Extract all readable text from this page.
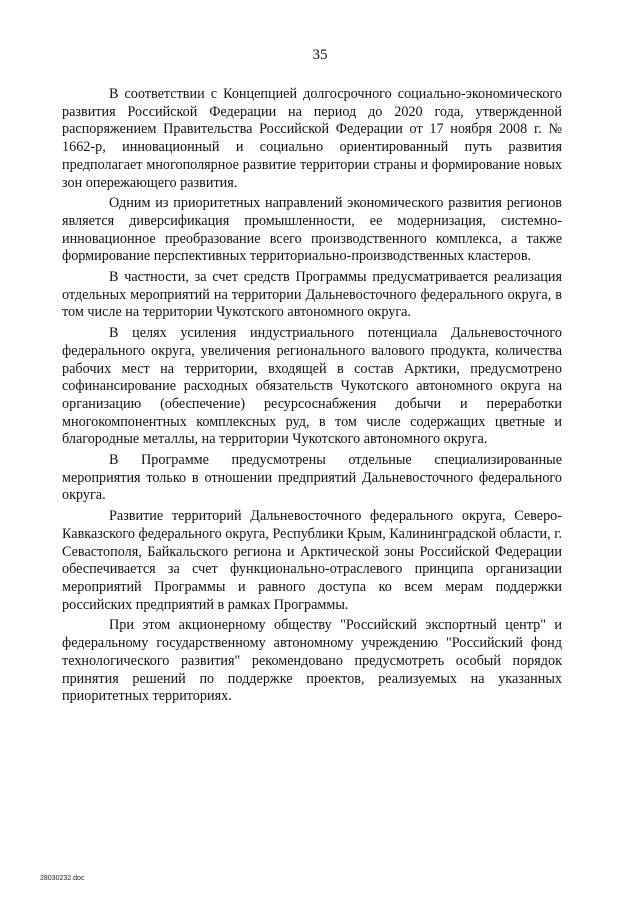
35

В соответствии с Концепцией долгосрочного социально-экономического развития Российской Федерации на период до 2020 года, утвержденной распоряжением Правительства Российской Федерации от 17 ноября 2008 г. № 1662-р, инновационный и социально ориентированный путь развития предполагает многополярное развитие территории страны и формирование новых зон опережающего развития.

Одним из приоритетных направлений экономического развития регионов является диверсификация промышленности, ее модернизация, системно-инновационное преобразование всего производственного комплекса, а также формирование перспективных территориально-производственных кластеров.

В частности, за счет средств Программы предусматривается реализация отдельных мероприятий на территории Дальневосточного федерального округа, в том числе на территории Чукотского автономного округа.

В целях усиления индустриального потенциала Дальневосточного федерального округа, увеличения регионального валового продукта, количества рабочих мест на территории, входящей в состав Арктики, предусмотрено софинансирование расходных обязательств Чукотского автономного округа на организацию (обеспечение) ресурсоснабжения добычи и переработки многокомпонентных комплексных руд, в том числе содержащих цветные и благородные металлы, на территории Чукотского автономного округа.

В Программе предусмотрены отдельные специализированные мероприятия только в отношении предприятий Дальневосточного федерального округа.

Развитие территорий Дальневосточного федерального округа, Северо-Кавказского федерального округа, Республики Крым, Калининградской области, г. Севастополя, Байкальского региона и Арктической зоны Российской Федерации обеспечивается за счет функционально-отраслевого принципа организации мероприятий Программы и равного доступа ко всем мерам поддержки российских предприятий в рамках Программы.

При этом акционерному обществу "Российский экспортный центр" и федеральному государственному автономному учреждению "Российский фонд технологического развития" рекомендовано предусмотреть особый порядок принятия решений по поддержке проектов, реализуемых на указанных приоритетных территориях.

28030232.doc
